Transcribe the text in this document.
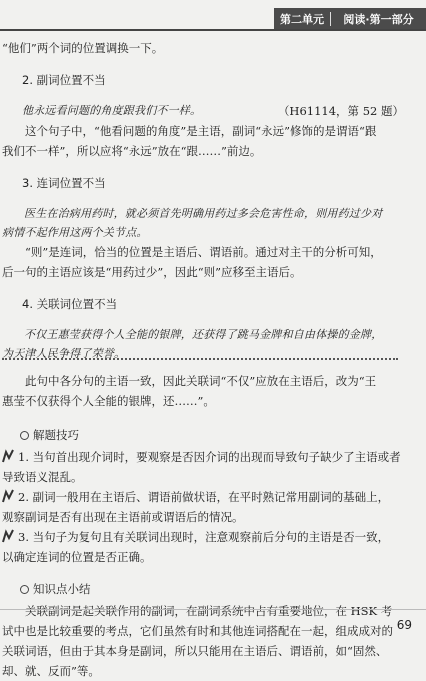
第二单元	阅读·第一部分

“他们”两个词的位置调换一下。

2. 副词位置不当

他永远看问题的角度跟我们不一样。	（H61114，第 52 题）

这个句子中，“他看问题的角度”是主语，副词“永远”修饰的是谓语“跟

我们不一样”，所以应将“永远”放在“跟……”前边。

3. 连词位置不当

医生在治病用药时，就必须首先明确用药过多会危害性命，则用药过少对

病情不起作用这两个关节点。

“则”是连词，恰当的位置是主语后、谓语前。通过对主干的分析可知，

后一句的主语应该是“用药过少”，因此“则”应移至主语后。

4. 关联词位置不当

不仅王惠莹获得个人全能的银牌，还获得了跳马金牌和自由体操的金牌，

为天津人民争得了荣誉。

此句中各分句的主语一致，因此关联词“不仅”应放在主语后，改为“王

惠莹不仅获得个人全能的银牌，还……”。

解题技巧
1. 当句首出现介词时，要观察是否因介词的出现而导致句子缺少了主语或者
导致语义混乱。
2. 副词一般用在主语后、谓语前做状语，在平时熟记常用副词的基础上，
观察副词是否有出现在主语前或谓语后的情况。
3. 当句子为复句且有关联词出现时，注意观察前后分句的主语是否一致，
以确定连词的位置是否正确。
知识点小结

关联副词是起关联作用的副词，在副词系统中占有重要地位，在 HSK 考

试中也是比较重要的考点，它们虽然有时和其他连词搭配在一起，组成成对的

关联词语，但由于其本身是副词，所以只能用在主语后、谓语前，如“固然、

却、就、反而”等。

69
